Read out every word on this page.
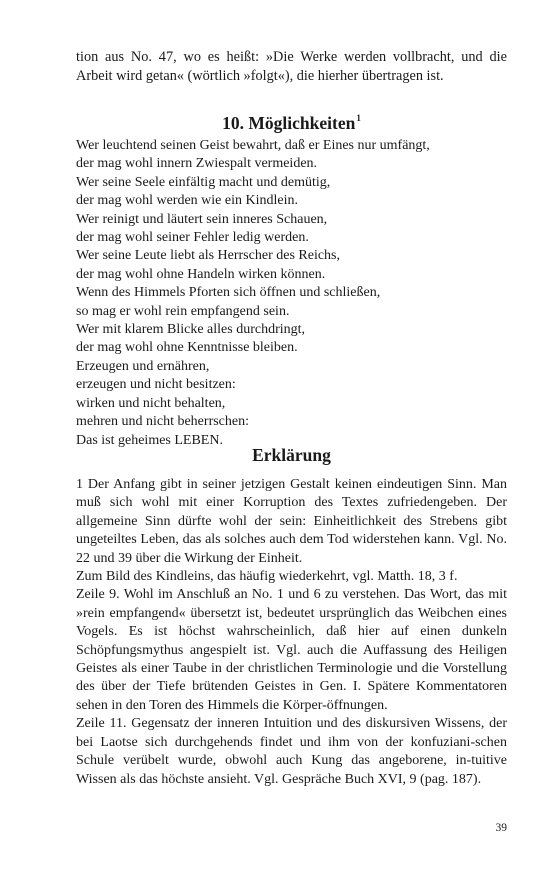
tion aus No. 47, wo es heißt: »Die Werke werden vollbracht, und die Arbeit wird getan« (wörtlich »folgt«), die hierher übertragen ist.

10. Möglichkeiten$^1$
Wer leuchtend seinen Geist bewahrt, daß er Eines nur umfängt,
der mag wohl innern Zwiespalt vermeiden.
Wer seine Seele einfältig macht und demütig,
der mag wohl werden wie ein Kindlein.
Wer reinigt und läutert sein inneres Schauen,
der mag wohl seiner Fehler ledig werden.
Wer seine Leute liebt als Herrscher des Reichs,
der mag wohl ohne Handeln wirken können.
Wenn des Himmels Pforten sich öffnen und schließen,
so mag er wohl rein empfangend sein.
Wer mit klarem Blicke alles durchdringt,
der mag wohl ohne Kenntnisse bleiben.
Erzeugen und ernähren,
erzeugen und nicht besitzen:
wirken und nicht behalten,
mehren und nicht beherrschen:
Das ist geheimes LEBEN.
Erklärung

1 Der Anfang gibt in seiner jetzigen Gestalt keinen eindeutigen Sinn. Man muß sich wohl mit einer Korruption des Textes zufriedengeben. Der allgemeine Sinn dürfte wohl der sein: Einheitlichkeit des Strebens gibt ungeteiltes Leben, das als solches auch dem Tod widerstehen kann. Vgl. No. 22 und 39 über die Wirkung der Einheit.

Zum Bild des Kindleins, das häufig wiederkehrt, vgl. Matth. 18, 3 f.

Zeile 9. Wohl im Anschluß an No. 1 und 6 zu verstehen. Das Wort, das mit »rein empfangend« übersetzt ist, bedeutet ursprünglich das Weibchen eines Vogels. Es ist höchst wahrscheinlich, daß hier auf einen dunkeln Schöpfungsmythus angespielt ist. Vgl. auch die Auffassung des Heiligen Geistes als einer Taube in der christlichen Terminologie und die Vorstellung des über der Tiefe brütenden Geistes in Gen. I. Spätere Kommentatoren sehen in den Toren des Himmels die Körper-öffnungen.

Zeile 11. Gegensatz der inneren Intuition und des diskursiven Wissens, der bei Laotse sich durchgehends findet und ihm von der konfuziani-schen Schule verübelt wurde, obwohl auch Kung das angeborene, in-tuitive Wissen als das höchste ansieht. Vgl. Gespräche Buch XVI, 9 (pag. 187).

39
